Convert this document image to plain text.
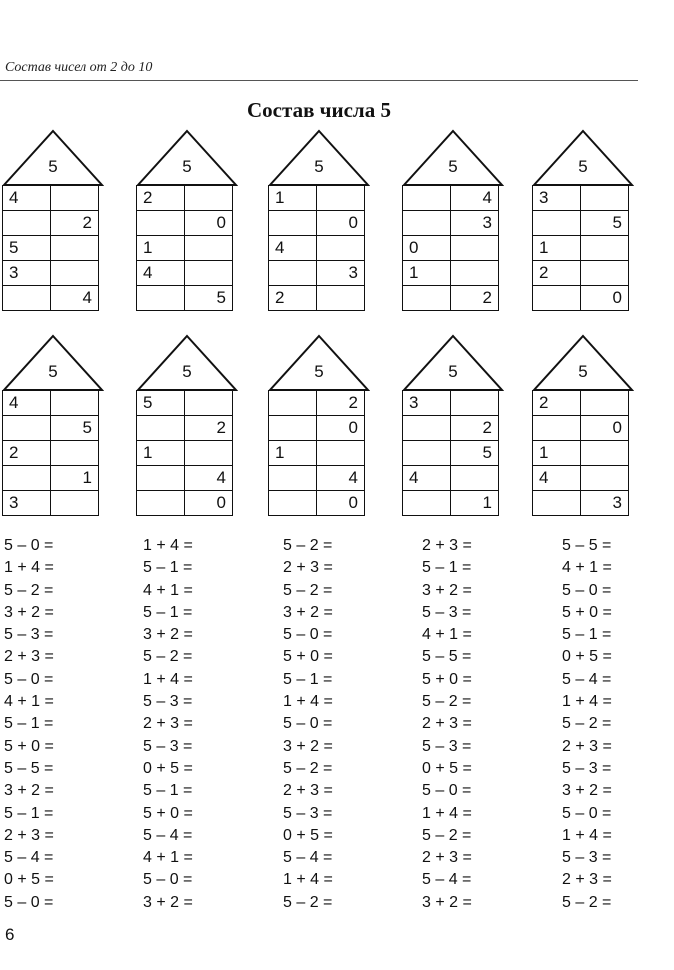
Состав чисел от 2 до 10
Состав числа 5
5
4	
	2
5	
3	
	4
5
2	
	0
1	
4	
	5
5
1	
	0
4	
	3
2	
5
	4
	3
0	
1	
	2
5
3	
	5
1	
2	
	0
5
4	
	5
2	
	1
3	
5
5	
	2
1	
	4
	0
5
	2
	0
1	
	4
	0
5
3	
	2
	5
4	
	1
5
2	
	0
1	
4	
	3
5 – 0 =
1 + 4 =
5 – 2 =
3 + 2 =
5 – 3 =
2 + 3 =
5 – 0 =
4 + 1 =
5 – 1 =
5 + 0 =
5 – 5 =
3 + 2 =
5 – 1 =
2 + 3 =
5 – 4 =
0 + 5 =
5 – 0 =
1 + 4 =
5 – 1 =
4 + 1 =
5 – 1 =
3 + 2 =
5 – 2 =
1 + 4 =
5 – 3 =
2 + 3 =
5 – 3 =
0 + 5 =
5 – 1 =
5 + 0 =
5 – 4 =
4 + 1 =
5 – 0 =
3 + 2 =
5 – 2 =
2 + 3 =
5 – 2 =
3 + 2 =
5 – 0 =
5 + 0 =
5 – 1 =
1 + 4 =
5 – 0 =
3 + 2 =
5 – 2 =
2 + 3 =
5 – 3 =
0 + 5 =
5 – 4 =
1 + 4 =
5 – 2 =
2 + 3 =
5 – 1 =
3 + 2 =
5 – 3 =
4 + 1 =
5 – 5 =
5 + 0 =
5 – 2 =
2 + 3 =
5 – 3 =
0 + 5 =
5 – 0 =
1 + 4 =
5 – 2 =
2 + 3 =
5 – 4 =
3 + 2 =
5 – 5 =
4 + 1 =
5 – 0 =
5 + 0 =
5 – 1 =
0 + 5 =
5 – 4 =
1 + 4 =
5 – 2 =
2 + 3 =
5 – 3 =
3 + 2 =
5 – 0 =
1 + 4 =
5 – 3 =
2 + 3 =
5 – 2 =
6
